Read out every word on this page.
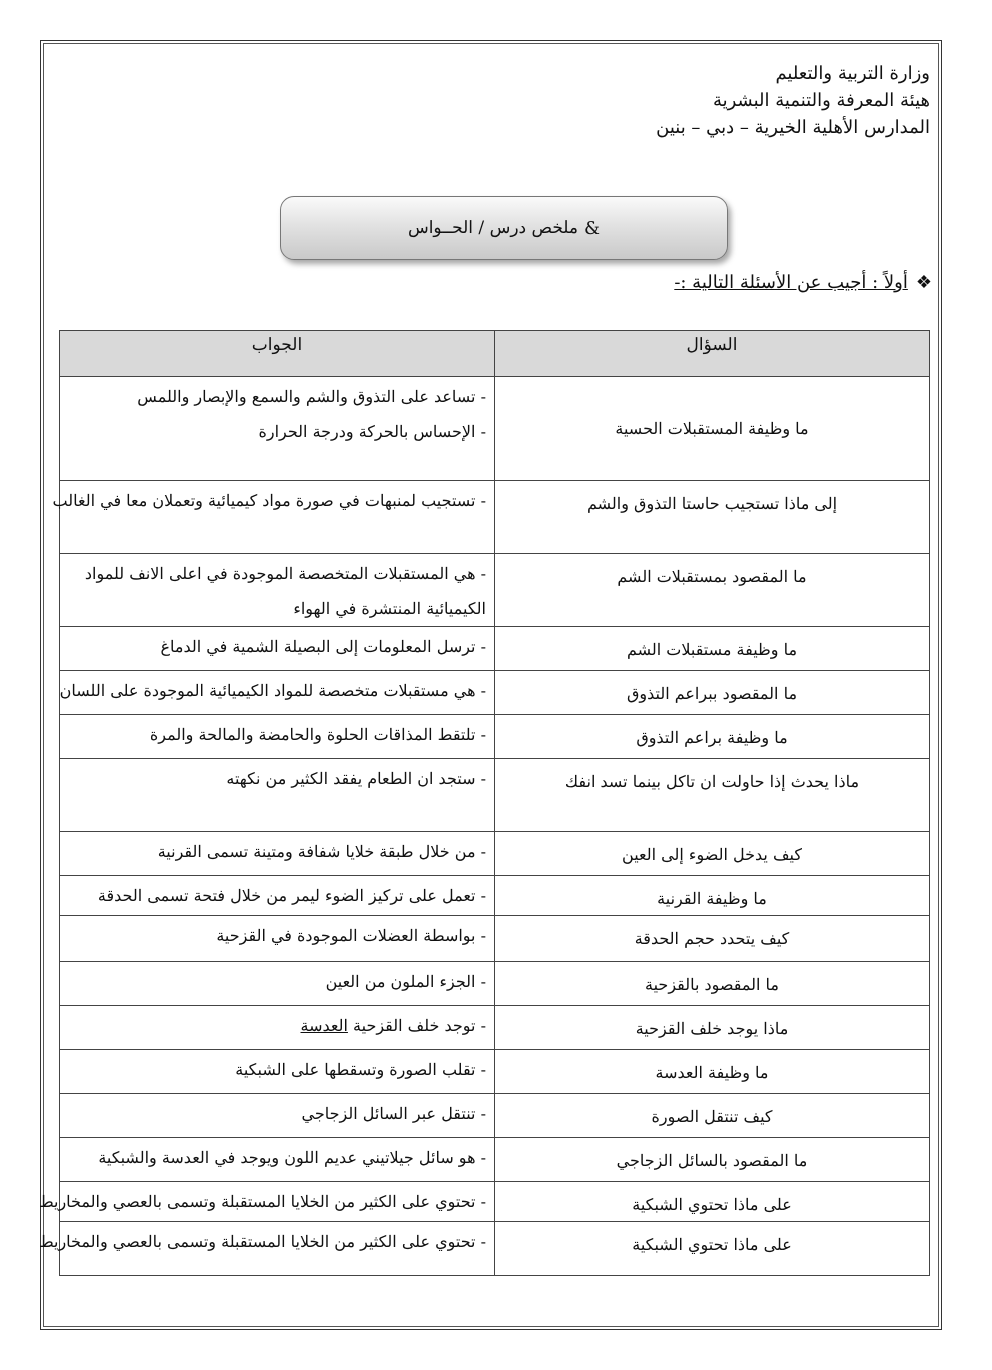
وزارة التربية والتعليم
هيئة المعرفة والتنمية البشرية
المدارس الأهلية الخيرية – دبي – بنين
&
ملخص درس / الحــواس
❖
أولاً : أجيب عن الأسئلة التالية :-
السؤال	الجواب
ما وظيفة المستقبلات الحسية	- تساعد على التذوق والشم والسمع والإبصار واللمس
- الإحساس بالحركة ودرجة الحرارة

إلى ماذا تستجيب حاستا التذوق والشم	- تستجيب لمنبهات في صورة مواد كيميائية وتعملان معا في الغالب

ما المقصود بمستقبلات الشم	- هي المستقبلات المتخصصة الموجودة في اعلى الانف للمواد
الكيميائية المنتشرة في الهواء

ما وظيفة مستقبلات الشم	- ترسل المعلومات إلى البصيلة الشمية في الدماغ

ما المقصود ببراعم التذوق	- هي مستقبلات متخصصة للمواد الكيميائية الموجودة على اللسان

ما وظيفة براعم التذوق	- تلتقط المذاقات الحلوة والحامضة والمالحة والمرة

ماذا يحدث إذا حاولت ان تاكل بينما تسد انفك	- ستجد ان الطعام يفقد الكثير من نكهته

كيف يدخل الضوء إلى العين	- من خلال طبقة خلايا شفافة ومتينة تسمى القرنية

ما وظيفة القرنية	- تعمل على تركيز الضوء ليمر من خلال فتحة تسمى الحدقة

كيف يتحدد حجم الحدقة	- بواسطة العضلات الموجودة في القزحية

ما المقصود بالقزحية	- الجزء الملون من العين

ماذا يوجد خلف القزحية	- توجد خلف القزحية العدسة

ما وظيفة العدسة	- تقلب الصورة وتسقطها على الشبكية

كيف تنتقل الصورة	- تنتقل عبر السائل الزجاجي

ما المقصود بالسائل الزجاجي	- هو سائل جيلاتيني عديم اللون ويوجد في العدسة والشبكية

على ماذا تحتوي الشبكية	- تحتوي على الكثير من الخلايا المستقبلة وتسمى بالعصي والمخاريط

على ماذا تحتوي الشبكية	- تحتوي على الكثير من الخلايا المستقبلة وتسمى بالعصي والمخاريط
